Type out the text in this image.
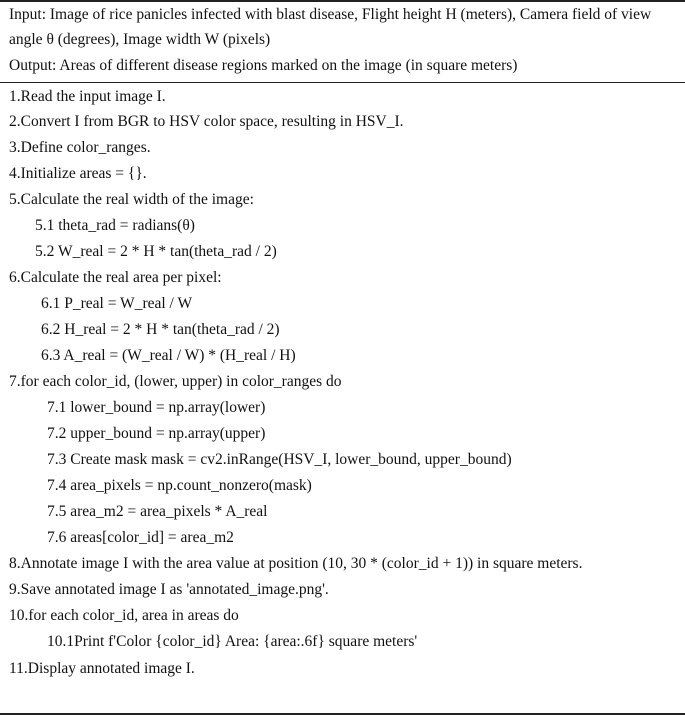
Input: Image of rice panicles infected with blast disease, Flight height H (meters), Camera field of view
angle θ (degrees), Image width W (pixels)
Output: Areas of different disease regions marked on the image (in square meters)
1.Read the input image I.
2.Convert I from BGR to HSV color space, resulting in HSV_I.
3.Define color_ranges.
4.Initialize areas = {}.
5.Calculate the real width of the image:
5.1 theta_rad = radians(θ)
5.2 W_real = 2 * H * tan(theta_rad / 2)
6.Calculate the real area per pixel:
6.1 P_real = W_real / W
6.2 H_real = 2 * H * tan(theta_rad / 2)
6.3 A_real = (W_real / W) * (H_real / H)
7.for each color_id, (lower, upper) in color_ranges do
7.1 lower_bound = np.array(lower)
7.2 upper_bound = np.array(upper)
7.3 Create mask mask = cv2.inRange(HSV_I, lower_bound, upper_bound)
7.4 area_pixels = np.count_nonzero(mask)
7.5 area_m2 = area_pixels * A_real
7.6 areas[color_id] = area_m2
8.Annotate image I with the area value at position (10, 30 * (color_id + 1)) in square meters.
9.Save annotated image I as 'annotated_image.png'.
10.for each color_id, area in areas do
10.1Print f'Color {color_id} Area: {area:.6f} square meters'
11.Display annotated image I.
